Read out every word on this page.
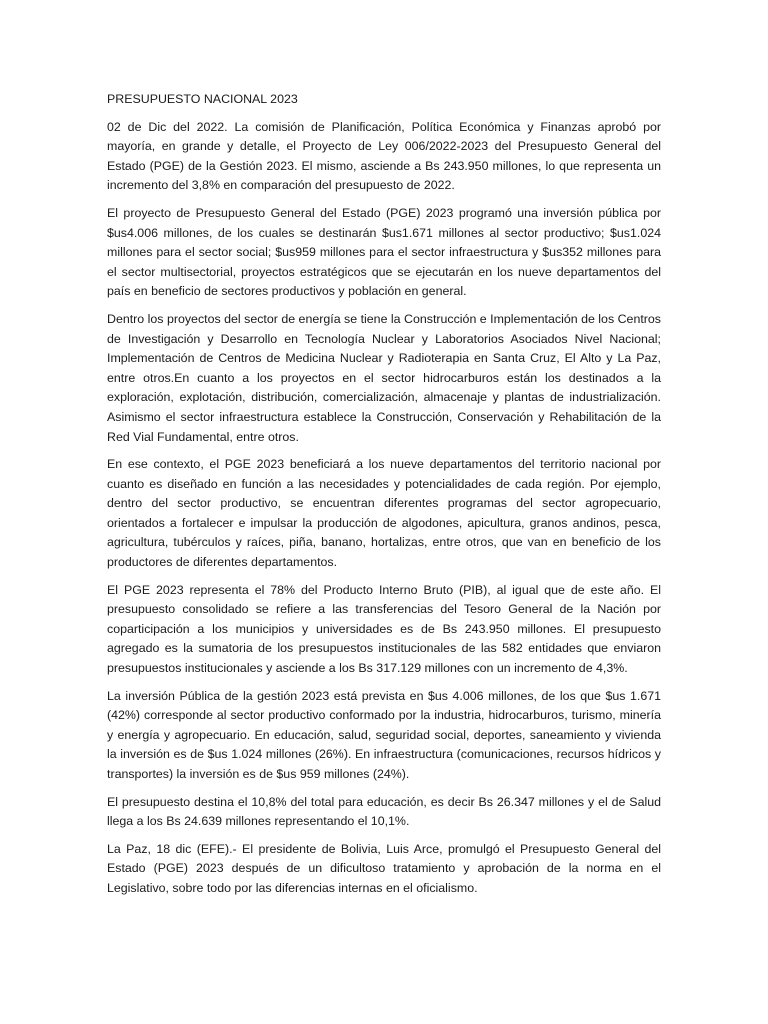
PRESUPUESTO NACIONAL 2023

02 de Dic del 2022. La comisión de Planificación, Política Económica y Finanzas aprobó por mayoría, en grande y detalle, el Proyecto de Ley 006/2022-2023 del Presupuesto General del Estado (PGE) de la Gestión 2023. El mismo, asciende a Bs 243.950 millones, lo que representa un incremento del 3,8% en comparación del presupuesto de 2022.

El proyecto de Presupuesto General del Estado (PGE) 2023 programó una inversión pública por $us4.006 millones, de los cuales se destinarán $us1.671 millones al sector productivo; $us1.024 millones para el sector social; $us959 millones para el sector infraestructura y $us352 millones para el sector multisectorial, proyectos estratégicos que se ejecutarán en los nueve departamentos del país en beneficio de sectores productivos y población en general.

Dentro los proyectos del sector de energía se tiene la Construcción e Implementación de los Centros de Investigación y Desarrollo en Tecnología Nuclear y Laboratorios Asociados Nivel Nacional; Implementación de Centros de Medicina Nuclear y Radioterapia en Santa Cruz, El Alto y La Paz, entre otros.En cuanto a los proyectos en el sector hidrocarburos están los destinados a la exploración, explotación, distribución, comercialización, almacenaje y plantas de industrialización. Asimismo el sector infraestructura establece la Construcción, Conservación y Rehabilitación de la Red Vial Fundamental, entre otros.

En ese contexto, el PGE 2023 beneficiará a los nueve departamentos del territorio nacional por cuanto es diseñado en función a las necesidades y potencialidades de cada región. Por ejemplo, dentro del sector productivo, se encuentran diferentes programas del sector agropecuario, orientados a fortalecer e impulsar la producción de algodones, apicultura, granos andinos, pesca, agricultura, tubérculos y raíces, piña, banano, hortalizas, entre otros, que van en beneficio de los productores de diferentes departamentos.

El PGE 2023 representa el 78% del Producto Interno Bruto (PIB), al igual que de este año. El presupuesto consolidado se refiere a las transferencias del Tesoro General de la Nación por coparticipación a los municipios y universidades es de Bs 243.950 millones. El presupuesto agregado es la sumatoria de los presupuestos institucionales de las 582 entidades que enviaron presupuestos institucionales y asciende a los Bs 317.129 millones con un incremento de 4,3%.

La inversión Pública de la gestión 2023 está prevista en $us 4.006 millones, de los que $us 1.671 (42%) corresponde al sector productivo conformado por la industria, hidrocarburos, turismo, minería y energía y agropecuario. En educación, salud, seguridad social, deportes, saneamiento y vivienda la inversión es de $us 1.024 millones (26%). En infraestructura (comunicaciones, recursos hídricos y transportes) la inversión es de $us 959 millones (24%).

El presupuesto destina el 10,8% del total para educación, es decir Bs 26.347 millones y el de Salud llega a los Bs 24.639 millones representando el 10,1%.

La Paz, 18 dic (EFE).- El presidente de Bolivia, Luis Arce, promulgó el Presupuesto General del Estado (PGE) 2023 después de un dificultoso tratamiento y aprobación de la norma en el Legislativo, sobre todo por las diferencias internas en el oficialismo.
